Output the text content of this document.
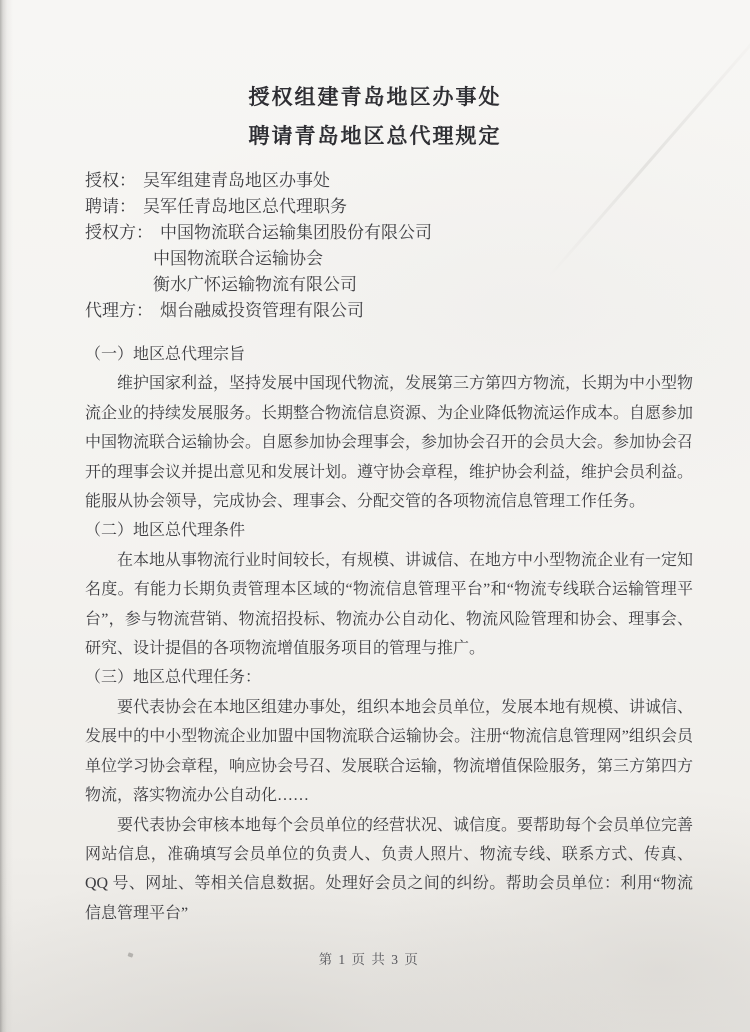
授权组建青岛地区办事处
聘请青岛地区总代理规定
授权： 吴军组建青岛地区办事处
聘请： 吴军任青岛地区总代理职务
授权方： 中国物流联合运输集团股份有限公司
中国物流联合运输协会
衡水广怀运输物流有限公司
代理方： 烟台融威投资管理有限公司
（一）地区总代理宗旨

维护国家利益，坚持发展中国现代物流，发展第三方第四方物流，长期为中小型物流企业的持续发展服务。长期整合物流信息资源、为企业降低物流运作成本。自愿参加中国物流联合运输协会。自愿参加协会理事会，参加协会召开的会员大会。参加协会召开的理事会议并提出意见和发展计划。遵守协会章程，维护协会利益，维护会员利益。能服从协会领导，完成协会、理事会、分配交管的各项物流信息管理工作任务。

（二）地区总代理条件

在本地从事物流行业时间较长，有规模、讲诚信、在地方中小型物流企业有一定知名度。有能力长期负责管理本区域的“物流信息管理平台”和“物流专线联合运输管理平台”，参与物流营销、物流招投标、物流办公自动化、物流风险管理和协会、理事会、研究、设计提倡的各项物流增值服务项目的管理与推广。

（三）地区总代理任务：

要代表协会在本地区组建办事处，组织本地会员单位，发展本地有规模、讲诚信、发展中的中小型物流企业加盟中国物流联合运输协会。注册“物流信息管理网”组织会员单位学习协会章程，响应协会号召、发展联合运输，物流增值保险服务，第三方第四方物流，落实物流办公自动化……

要代表协会审核本地每个会员单位的经营状况、诚信度。要帮助每个会员单位完善网站信息，准确填写会员单位的负责人、负责人照片、物流专线、联系方式、传真、QQ 号、网址、等相关信息数据。处理好会员之间的纠纷。帮助会员单位：利用“物流信息管理平台”

第 1 页 共 3 页
